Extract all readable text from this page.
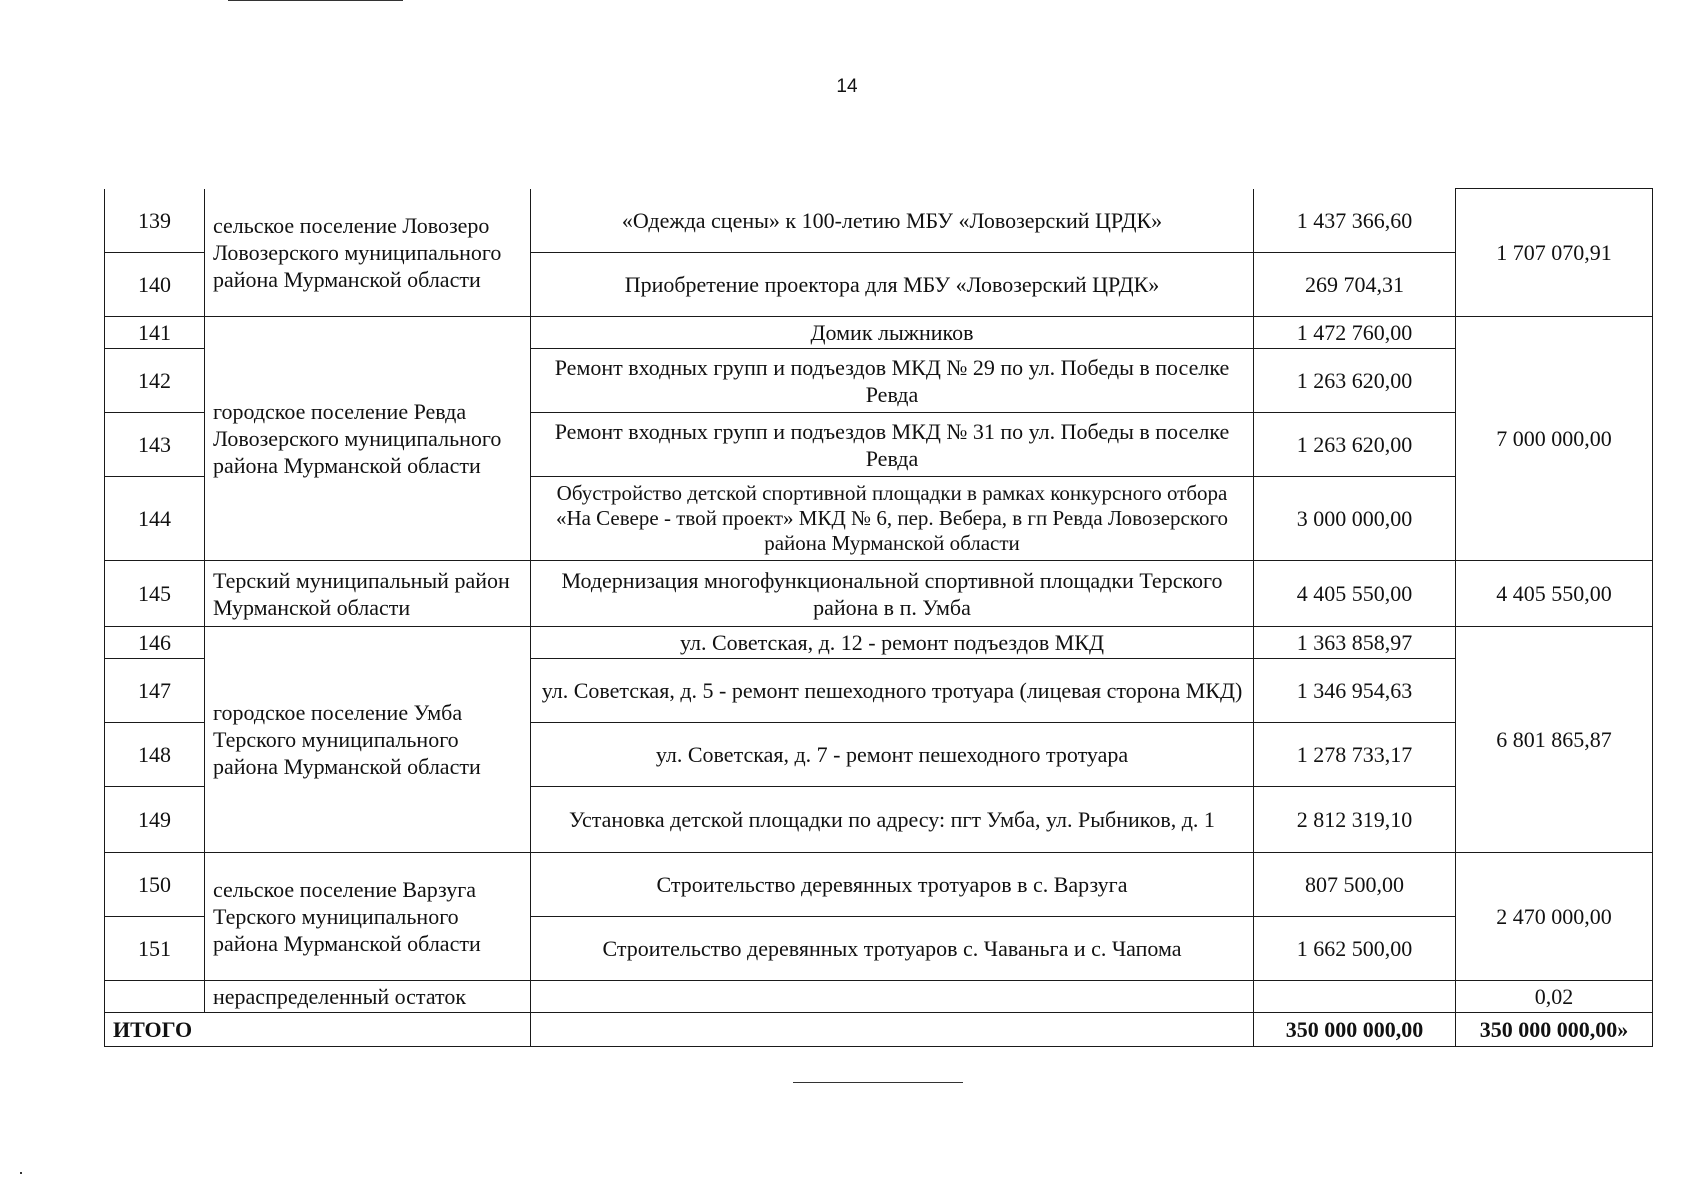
14
139	сельское поселение Ловозеро Ловозерского муниципального района Мурманской области	«Одежда сцены» к 100-летию МБУ «Ловозерский ЦРДК»	1 437 366,60	1 707 070,91
140		Приобретение проектора для МБУ «Ловозерский ЦРДК»	269 704,31	
141	городское поселение Ревда Ловозерского муниципального района Мурманской области	Домик лыжников	1 472 760,00	7 000 000,00
142		Ремонт входных групп и подъездов МКД № 29 по ул. Победы в поселке Ревда	1 263 620,00	
143		Ремонт входных групп и подъездов МКД № 31 по ул. Победы в поселке Ревда	1 263 620,00	
144		Обустройство детской спортивной площадки в рамках конкурсного отбора «На Севере - твой проект» МКД № 6, пер. Вебера, в гп Ревда Ловозерского района Мурманской области	3 000 000,00	
145	Терский муниципальный район Мурманской области	Модернизация многофункциональной спортивной площадки Терского района в п. Умба	4 405 550,00	4 405 550,00
146	городское поселение Умба Терского муниципального района Мурманской области	ул. Советская, д. 12 - ремонт подъездов МКД	1 363 858,97	6 801 865,87
147		ул. Советская, д. 5 - ремонт пешеходного тротуара (лицевая сторона МКД)	1 346 954,63	
148		ул. Советская, д. 7 - ремонт пешеходного тротуара	1 278 733,17	
149		Установка детской площадки по адресу: пгт Умба, ул. Рыбников, д. 1	2 812 319,10	
150	сельское поселение Варзуга Терского муниципального района Мурманской области	Строительство деревянных тротуаров в с. Варзуга	807 500,00	2 470 000,00
151		Строительство деревянных тротуаров с. Чаваньга и с. Чапома	1 662 500,00	
	нераспределенный остаток			0,02
ИТОГО			350 000 000,00	350 000 000,00»
